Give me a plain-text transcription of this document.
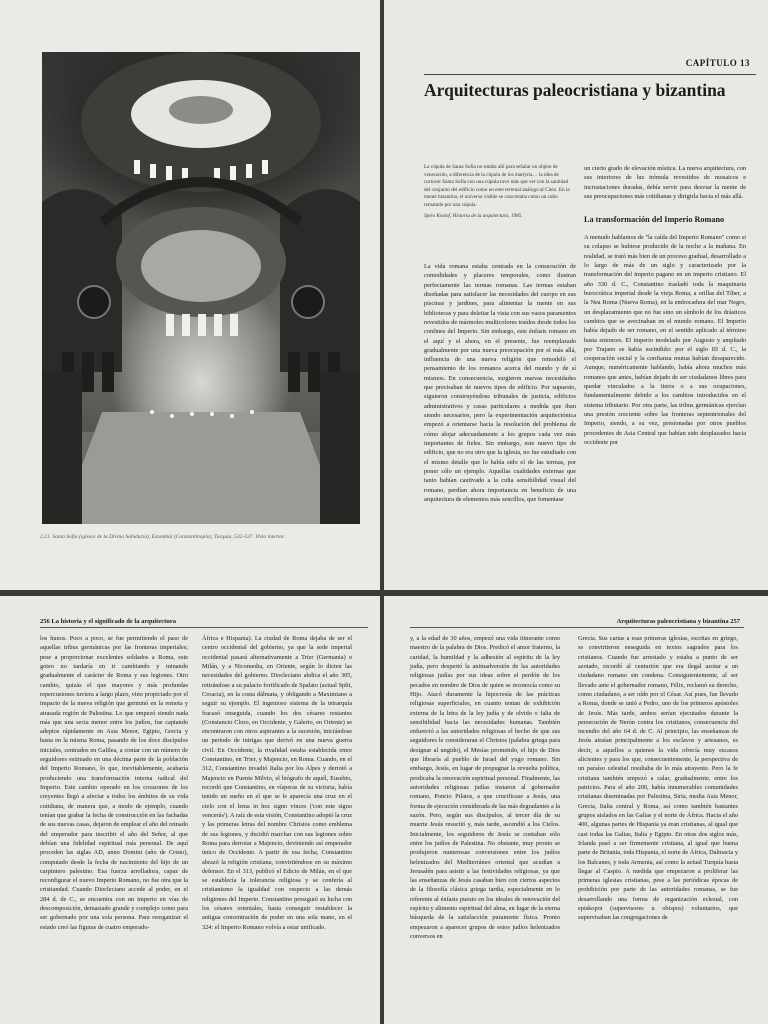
2.21. Santa Sofía (iglesia de la Divina Sabiduría), Estambul (Constantinopla), Turquía, 532-537. Vista interior.
CAPÍTULO 13
Arquitecturas paleocristiana y bizantina
La cúpula de Santa Sofía no estaba allí para señalar un objeto de veneración, a diferencia de la cúpula de los martyria… la idea de cortocer Santa Sofía con una cúpula tuvo más que ver con la santidad del conjunto del edificio como un ente terrenal análogo al Cielo. En la mente bizantina, el universo visible se concretaba como un cubo rematado por una cúpula.
Spiro Kostof, Historia de la arquitectura, 1985.

La vida romana estaba centrada en la consecución de comodidades y placeres temporales, como ilustran perfectamente las termas romanas. Las termas estaban diseñadas para satisfacer las necesidades del cuerpo en sus piscinas y jardines, para alimentar la mente en sus bibliotecas y para deleitar la vista con sus vasos paramentos revestidos de mármoles multicolores traídos desde todos los confines del Imperio. Sin embargo, este énfasis romano en el aquí y el ahora, en el presente, fue reemplazado gradualmente por una nueva preocupación por el más allá, influencia de una nueva religión que remodeló el pensamiento de los romanos acerca del mundo y de sí mismos. En consecuencia, surgieron nuevas necesidades que precisaban de nuevos tipos de edificio. Por supuesto, siguieron construyéndose tribunales de justicia, edificios administrativos y casas particulares a medida que iban siendo necesarios, pero la experimentación arquitectónica empezó a orientarse hacia la resolución del problema de cómo alojar adecuadamente a los grupos cada vez más importantes de fieles. Sin embargo, este nuevo tipo de edificio, que no era otro que la iglesia, no fue estudiado con el mismo detalle que lo había sido el de las termas, por poner sólo un ejemplo. Aquellas cualidades externas que tanto habían cautivado a la culta sensibilidad visual del romano, perdían ahora importancia en beneficio de una arquitectura de elementos más sencillos, que fomentase

un cierto grado de elevación mística. La nueva arquitectura, con sus interiores de luz trémula revestidos de mosaicos e incrustaciones doradas, debía servir para desviar la mente de sus preocupaciones más cotidianas y dirigirla hacia el más allá.

La transformación del Imperio Romano

A menudo hablamos de "la caída del Imperio Romano" como si su colapso se hubiese producido de la noche a la mañana. En realidad, se trató más bien de un proceso gradual, desarrollado a lo largo de más de un siglo y caracterizado por la transformación del imperio pagano en un imperio cristiano. El año 330 d. C., Constantino trasladó toda la maquinaria burocrática imperial desde la vieja Roma, a orillas del Tíber, a la Nea Roma (Nueva Roma), en la embocadura del mar Negro, un desplazamiento que no fue sino un símbolo de los drásticos cambios que se avecinaban en el mundo romano. El Imperio había dejado de ser romano, en el sentido aplicado al término hasta entonces. El imperio modelado por Augusto y ampliado por Trajano se había escindido: por el siglo III d. C., la cooperación social y la confianza mutua habían desaparecido. Aunque, numéricamente hablando, había ahora muchos más romanos que antes, habían dejado de ser ciudadanos libres para quedar vinculados a la tierra o a sus ocupaciones, fundamentalmente debido a los cambios introducidos en el sistema tributario. Por otra parte, las tribus germánicas ejercían una presión creciente sobre las fronteras septentrionales del Imperio, siendo, a su vez, presionadas por otros pueblos procedentes de Asia Central que habían sido desplazados hacia occidente por

256 La historia y el significado de la arquitectura

los hunos. Poco a poco, se fue permitiendo el paso de aquellas tribus germánicas por las fronteras imperiales; pese a proporcionar excelentes soldados a Roma, este goteo no tardaría en ir cambiando y minando gradualmente el carácter de Roma y sus legiones. Otro cambio, quizás el que mayores y más profundas repercusiones tuviera a largo plazo, vino propiciado por el impacto de la nueva religión que germinó en la remota y atrasada región de Palestina. Lo que empezó siendo nada más que una secta menor entre los judíos, fue captando adeptos rápidamente en Asia Menor, Egipto, Grecia y hasta en la misma Roma, pasando de los doce discípulos iniciales, centrados en Galilea, a contar con un número de seguidores estimado en una décima parte de la población del Imperio Romano, lo que, inevitablemente, acabaría produciendo una transformación interna radical del Imperio. Este cambio operado en los corazones de los creyentes llegó a afectar a todos los ámbitos de su vida cotidiana, de manera que, a modo de ejemplo, cuando tenían que grabar la fecha de construcción en las fachadas de sus nuevas casas, dejaron de emplear el año del reinado del emperador para inscribir el año del Señor, al que debían una fidelidad espiritual más personal. De aquí proceden las siglas AD, anno Domini (año de Cristo), computado desde la fecha de nacimiento del hijo de un carpintero palestino. Esa fuerza arrolladora, capaz de reconfigurar el nuevo Imperio Romano, no fue otra que la cristiandad. Cuando Diocleciano accede al poder, en el 284 d. de C., se encuentra con un imperio en vías de descomposición, demasiado grande y complejo como para ser gobernado por una sola persona. Para reorganizar el estado creó las figuras de cuatro emperado-

África e Hispania). La ciudad de Roma dejaba de ser el centro occidental del gobierno, ya que la sede imperial occidental pasará alternativamente a Trier (Germania) o Milán, y a Nicomedia, en Oriente, según lo dicten las necesidades del gobierno. Diocleciano abdica el año 305, retirándose a su palacio fortificado de Spalato (actual Split, Croacia), en la costa dálmata, y obligando a Maximiano a seguir su ejemplo. El ingenioso sistema de la tetrarquía fracasó enseguida, cuando los dos césares restantes (Constancio Cloro, en Occidente, y Galerio, en Oriente) se encontraron con otros aspirantes a la sucesión, iniciándose un periodo de intrigas que derivó en una nueva guerra civil. En Occidente, la rivalidad estaba establecida entre Constantino, en Trier, y Majencio, en Roma. Cuando, en el 312, Constantino invadió Italia por los Alpes y derrotó a Majencio en Puente Milvio, el biógrafo de aquél, Eusebio, recordó que Constantino, en vísperas de su victoria, había tenido un sueño en el que se le aparecía una cruz en el cielo con el lema in hoc signo vinces ('con este signo vencerás'). A raíz de esta visión, Constantino adoptó la cruz y las primeras letras del nombre Christos como emblema de sus legiones, y decidió marchar con sus legiones sobre Roma para derrotar a Majencio, deviniendo así emperador único de Occidente. A partir de esa fecha, Constantino abrazó la religión cristiana, convirtiéndose en su máximo defensor. En el 313, publicó el Edicto de Milán, en el que se establecía la tolerancia religiosa y se confería al cristianismo la igualdad con respecto a las demás religiones del Imperio. Constantino prosiguió su lucha con los césares orientales, hasta conseguir restablecer la antigua concentración de poder en una sola mano, en el 324: el Imperio Romano volvía a estar unificado.

Arquitecturas paleocristiana y bizantina 257

y, a la edad de 30 años, empezó una vida itinerante como maestro de la palabra de Dios. Predicó el amor fraterno, la caridad, la humildad y la adhesión al espíritu de la ley judía, pero despertó la animadversión de las autoridades religiosas judías por sus ideas sobre el perdón de los pecados en nombre de Dios de quien se reconocía como su Hijo. Atacó duramente la hipocresía de las prácticas religiosas superficiales, en cuanto tentan de exhibición externa de la letra de la ley judía y de olvido o falta de sensibilidad hacia las necesidades humanas. También enfureció a las autoridades religiosas el hecho de que sus seguidores le consideraran el Christos (palabra griega para designar al ungido), el Mesías prometido, el hijo de Dios que libraría al pueblo de Israel del yugo romano. Sin embargo, Jesús, en lugar de propugnar la revuelta política, predicaba la renovación espiritual personal. Finalmente, las autoridades religiosas judías instaron al gobernador romano, Poncio Pilatos, a que crucificase a Jesús, una forma de ejecución considerada de las más degradantes a la sazón. Pero, según sus discípulos, al tercer día de su muerte Jesús resucitó y, más tarde, ascendió a los Cielos. Inicialmente, los seguidores de Jesús se contaban sólo entre los judíos de Palestina. No obstante, muy pronto se produjeron numerosas conversiones entre los judíos helenizados del Mediterráneo oriental que acudían a Jerusalén para asistir a las festividades religiosas, ya que las enseñanzas de Jesús casaban bien con ciertos aspectos de la filosofía clásica griega tardía, especialmente en lo referente al énfasis puesto en los ideales de renovación del espíritu y alimento espiritual del alma, en lugar de la eterna búsqueda de la satisfacción puramente física. Pronto empezaron a aparecer grupos de estos judíos helenizados conversos en

Grecia. Sus cartas a esas primeras iglesias, escritas en griego, se convirtieron enseguida en textos sagrados para los cristianos. Cuando fue arrestado y estaba a punto de ser azotado, recordó al centurión que era ilegal azotar a un ciudadano romano sin condena. Consiguientemente, al ser llevado ante el gobernador romano, Félix, reclamó su derecho, como ciudadano, a ser oído por el César. Así pues, fue llevado a Roma, donde se unió a Pedro, uno de los primeros apóstoles de Jesús. Más tarde, ambos serían ejecutados durante la persecución de Nerón contra los cristianos, consecuencia del incendio del año 64 d. de C. Al principio, las enseñanzas de Jesús atraían principalmente a los esclavos y artesanos, es decir, a aquellos a quienes la vida ofrecía muy escasos alicientes y para los que, consecuentemente, la perspectiva de un paraíso celestial resultaba de lo más atrayente. Pero la fe cristiana también empezó a calar, gradualmente, entre los patricios. Para el año 200, había innumerables comunidades cristianas diseminadas por Palestina, Siria, media Asia Menor, Grecia, Italia central y Roma, así como también bastantes grupos aislados en las Galias y el norte de África. Hacia el año 400, algunas partes de Hispania ya eran cristianas, al igual que casi todas las Galias, Italia y Egipto. En otras dos siglos más, Irlanda pasó a ser firmemente cristiana, al igual que buena parte de Britania, toda Hispania, el norte de África, Dalmacia y los Balcanes, y toda Armenia, así como la actual Turquía hasta llegar al Caspio. A medida que empezaron a proliferar las primeras iglesias cristianas, pese a las periódicas épocas de prohibición por parte de las autoridades romanas, se fue desarrollando una forma de organización eclesial, con episkopoi (supervisores u obispos) voluntarios, que supervisaban las congregaciones de
